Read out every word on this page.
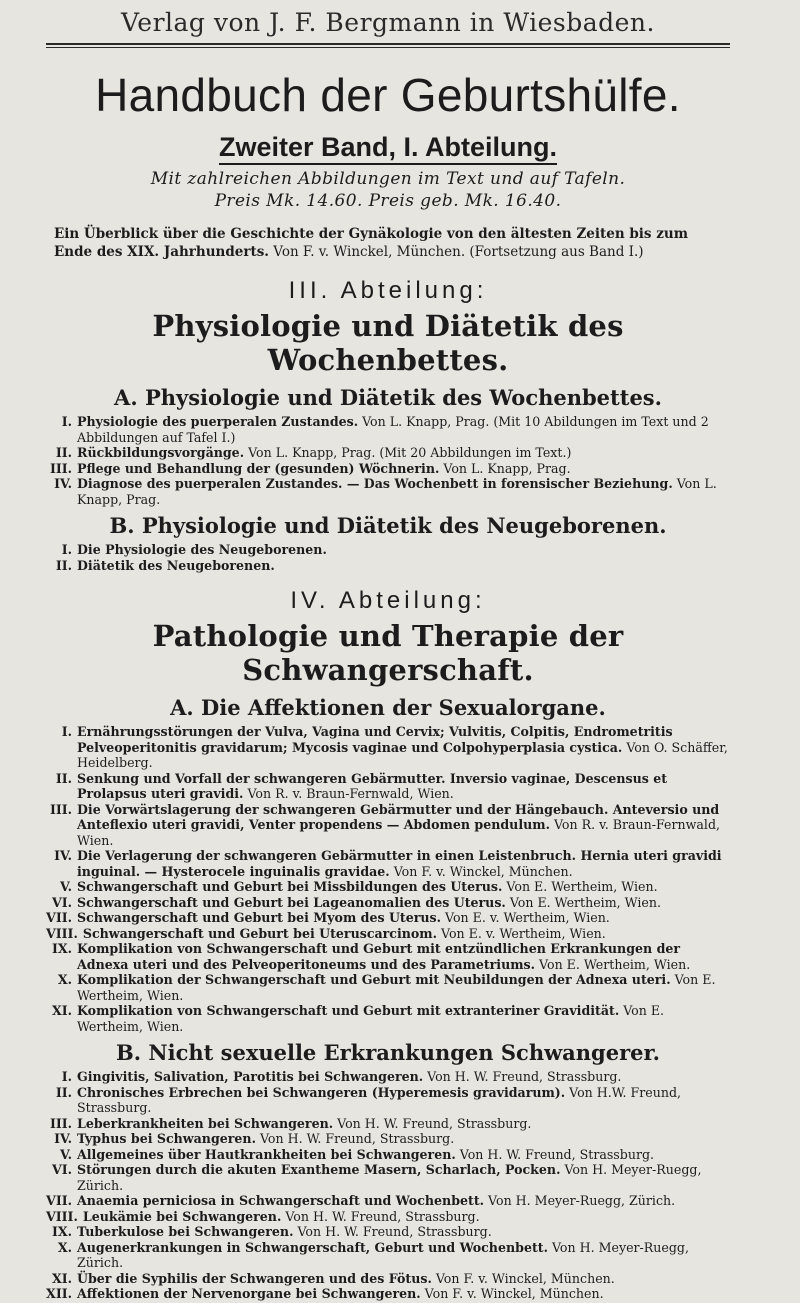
Verlag von J. F. Bergmann in Wiesbaden.
Handbuch der Geburtshülfe.
Zweiter Band, I. Abteilung.
Mit zahlreichen Abbildungen im Text und auf Tafeln.
Preis Mk. 14.60. Preis geb. Mk. 16.40.
Ein Überblick über die Geschichte der Gynäkologie von den ältesten Zeiten bis zum Ende des XIX. Jahrhunderts. Von F. v. Winckel, München. (Fortsetzung aus Band I.)
III. Abteilung:
Physiologie und Diätetik des Wochenbettes.
A. Physiologie und Diätetik des Wochenbettes.
I. Physiologie des puerperalen Zustandes. Von L. Knapp, Prag. (Mit 10 Abildungen im Text und 2 Abbildungen auf Tafel I.)
II. Rückbildungsvorgänge. Von L. Knapp, Prag. (Mit 20 Abbildungen im Text.)
III. Pflege und Behandlung der (gesunden) Wöchnerin. Von L. Knapp, Prag.
IV. Diagnose des puerperalen Zustandes. — Das Wochenbett in forensischer Beziehung. Von L. Knapp, Prag.
B. Physiologie und Diätetik des Neugeborenen.
I. Die Physiologie des Neugeborenen.
II. Diätetik des Neugeborenen.
IV. Abteilung:
Pathologie und Therapie der Schwangerschaft.
A. Die Affektionen der Sexualorgane.
I. Ernährungsstörungen der Vulva, Vagina und Cervix; Vulvitis, Colpitis, Endrometritis Pelveoperitonitis gravidarum; Mycosis vaginae und Colpohyperplasia cystica. Von O. Schäffer, Heidelberg.
II. Senkung und Vorfall der schwangeren Gebärmutter. Inversio vaginae, Descensus et Prolapsus uteri gravidi. Von R. v. Braun-Fernwald, Wien.
III. Die Vorwärtslagerung der schwangeren Gebärmutter und der Hängebauch. Anteversio und Anteflexio uteri gravidi, Venter propendens — Abdomen pendulum. Von R. v. Braun-Fernwald, Wien.
IV. Die Verlagerung der schwangeren Gebärmutter in einen Leistenbruch. Hernia uteri gravidi inguinal. — Hysterocele inguinalis gravidae. Von F. v. Winckel, München.
V. Schwangerschaft und Geburt bei Missbildungen des Uterus. Von E. Wertheim, Wien.
VI. Schwangerschaft und Geburt bei Lageanomalien des Uterus. Von E. Wertheim, Wien.
VII. Schwangerschaft und Geburt bei Myom des Uterus. Von E. v. Wertheim, Wien.
VIII. Schwangerschaft und Geburt bei Uteruscarcinom. Von E. v. Wertheim, Wien.
IX. Komplikation von Schwangerschaft und Geburt mit entzündlichen Erkrankungen der Adnexa uteri und des Pelveoperitoneums und des Parametriums. Von E. Wertheim, Wien.
X. Komplikation der Schwangerschaft und Geburt mit Neubildungen der Adnexa uteri. Von E. Wertheim, Wien.
XI. Komplikation von Schwangerschaft und Geburt mit extranteriner Gravidität. Von E. Wertheim, Wien.
B. Nicht sexuelle Erkrankungen Schwangerer.
I. Gingivitis, Salivation, Parotitis bei Schwangeren. Von H. W. Freund, Strassburg.
II. Chronisches Erbrechen bei Schwangeren (Hyperemesis gravidarum). Von H.W. Freund, Strassburg.
III. Leberkrankheiten bei Schwangeren. Von H. W. Freund, Strassburg.
IV. Typhus bei Schwangeren. Von H. W. Freund, Strassburg.
V. Allgemeines über Hautkrankheiten bei Schwangeren. Von H. W. Freund, Strassburg.
VI. Störungen durch die akuten Exantheme Masern, Scharlach, Pocken. Von H. Meyer-Ruegg, Zürich.
VII. Anaemia perniciosa in Schwangerschaft und Wochenbett. Von H. Meyer-Ruegg, Zürich.
VIII. Leukämie bei Schwangeren. Von H. W. Freund, Strassburg.
IX. Tuberkulose bei Schwangeren. Von H. W. Freund, Strassburg.
X. Augenerkrankungen in Schwangerschaft, Geburt und Wochenbett. Von H. Meyer-Ruegg, Zürich.
XI. Über die Syphilis der Schwangeren und des Fötus. Von F. v. Winckel, München.
XII. Affektionen der Nervenorgane bei Schwangeren. Von F. v. Winckel, München.
